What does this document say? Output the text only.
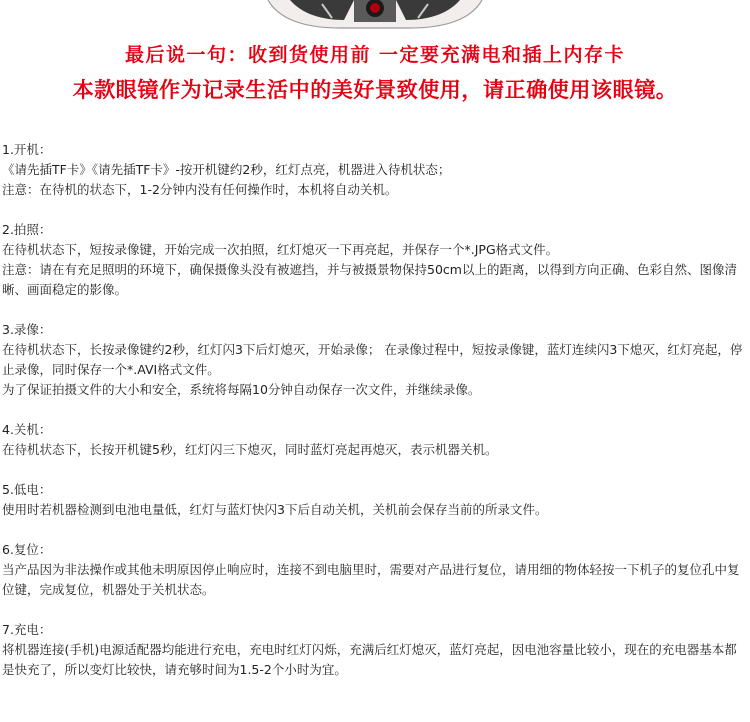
最后说一句：收到货使用前 一定要充满电和插上内存卡
本款眼镜作为记录生活中的美好景致使用，请正确使用该眼镜。
1.开机：
《请先插TF卡》《请先插TF卡》-按开机键约2秒，红灯点亮，机器进入待机状态；
注意：在待机的状态下，1-2分钟内没有任何操作时，本机将自动关机。
2.拍照：
在待机状态下，短按录像键，开始完成一次拍照，红灯熄灭一下再亮起，并保存一个*.JPG格式文件。
注意：请在有充足照明的环境下，确保摄像头没有被遮挡，并与被摄景物保持50cm以上的距离，以得到方向正确、色彩自然、图像清晰、画面稳定的影像。
3.录像：
在待机状态下，长按录像键约2秒，红灯闪3下后灯熄灭，开始录像； 在录像过程中，短按录像键，蓝灯连续闪3下熄灭，红灯亮起，停止录像，同时保存一个*.AVI格式文件。
为了保证拍摄文件的大小和安全，系统将每隔10分钟自动保存一次文件，并继续录像。
4.关机：
在待机状态下，长按开机键5秒，红灯闪三下熄灭，同时蓝灯亮起再熄灭，表示机器关机。
5.低电：
使用时若机器检测到电池电量低，红灯与蓝灯快闪3下后自动关机，关机前会保存当前的所录文件。
6.复位：
当产品因为非法操作或其他未明原因停止响应时，连接不到电脑里时，需要对产品进行复位，请用细的物体轻按一下机子的复位孔中复位键，完成复位，机器处于关机状态。
7.充电：
将机器连接(手机)电源适配器均能进行充电，充电时红灯闪烁，充满后红灯熄灭，蓝灯亮起，因电池容量比较小，现在的充电器基本都是快充了，所以变灯比较快，请充够时间为1.5-2个小时为宜。
